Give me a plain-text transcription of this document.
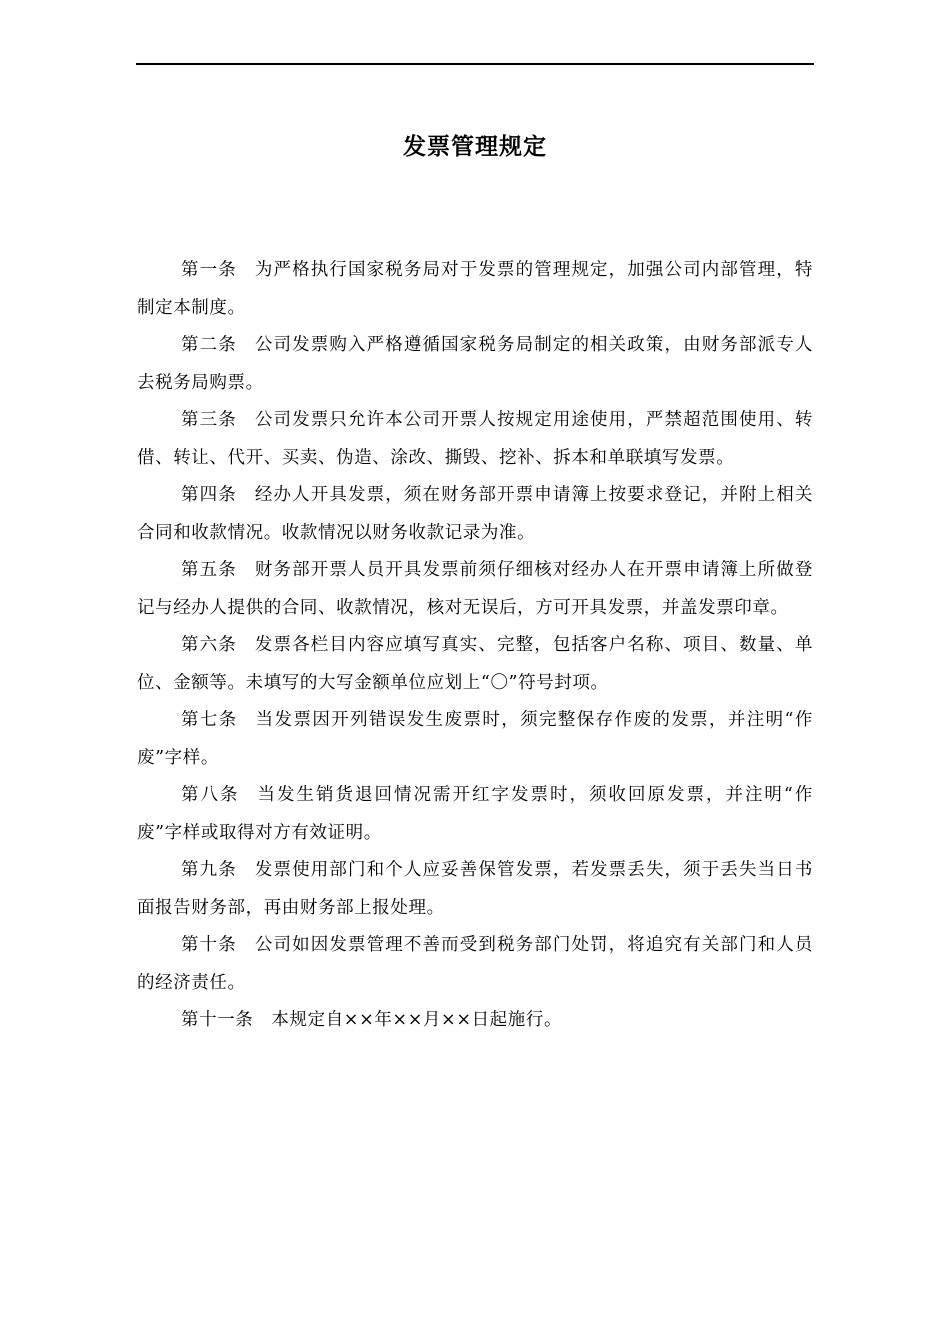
发票管理规定

第一条 为严格执行国家税务局对于发票的管理规定，加强公司内部管理，特制定本制度。

第二条 公司发票购入严格遵循国家税务局制定的相关政策，由财务部派专人去税务局购票。

第三条 公司发票只允许本公司开票人按规定用途使用，严禁超范围使用、转借、转让、代开、买卖、伪造、涂改、撕毁、挖补、拆本和单联填写发票。

第四条 经办人开具发票，须在财务部开票申请簿上按要求登记，并附上相关合同和收款情况。收款情况以财务收款记录为准。

第五条 财务部开票人员开具发票前须仔细核对经办人在开票申请簿上所做登记与经办人提供的合同、收款情况，核对无误后，方可开具发票，并盖发票印章。

第六条 发票各栏目内容应填写真实、完整，包括客户名称、项目、数量、单位、金额等。未填写的大写金额单位应划上“〇”符号封项。

第七条 当发票因开列错误发生废票时，须完整保存作废的发票，并注明“作废”字样。

第八条 当发生销货退回情况需开红字发票时，须收回原发票，并注明“作废”字样或取得对方有效证明。

第九条 发票使用部门和个人应妥善保管发票，若发票丢失，须于丢失当日书面报告财务部，再由财务部上报处理。

第十条 公司如因发票管理不善而受到税务部门处罚，将追究有关部门和人员的经济责任。

第十一条 本规定自××年××月××日起施行。
